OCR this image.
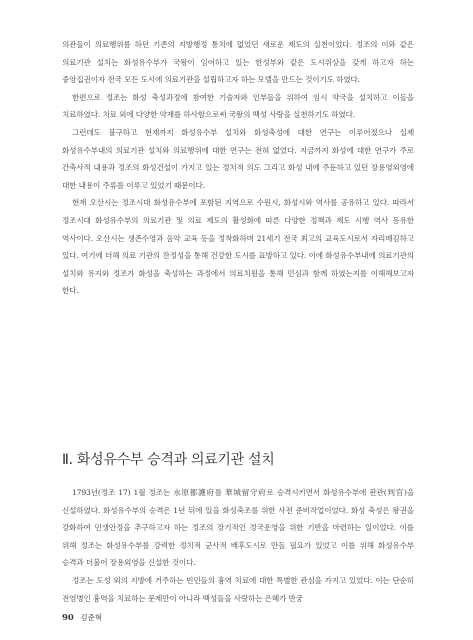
의관들이 의료행위를 하던 기존의 지방행정 통치에 없었던 새로운 제도의 실천이었다. 정조의 이와 같은 의료기관 설치는 화성유수부가 국왕이 임어하고 있는 한성부와 같은 도시위상을 갖게 하고자 하는 중앙집권이자 전국 모든 도시에 의료기관을 설립하고자 하는 모델을 만드는 것이기도 하였다.

한편으로 정조는 화성 축성과정에 참여한 기술자와 인부들을 위하여 임시 약국을 설치하고 이들을 치료하였다. 치료 외에 다양한 약재를 하사함으로써 국왕의 백성 사랑을 실천하기도 하였다.

그런데도 불구하고 현재까지 화성유수부 설치와 화성축성에 대한 연구는 이루어졌으나 실제 화성유수부내의 의료기관 설치와 의료행위에 대한 연구는 전혀 없었다. 지금까지 화성에 대한 연구가 주로 간축사적 내용과 정조의 화성건설이 가지고 있는 정치적 의도 그리고 화성 내에 주둔하고 있던 장용영외영에 대한 내용이 주류를 이루고 있었기 때문이다.

현재 오산시는 정조시대 화성유수부에 포함된 지역으로 수원시, 화성시와 역사를 공유하고 있다. 따라서 정조시대 화성유수부의 의료기관 및 의료 제도의 활성화에 따른 다양한 정책과 제도 시행 역사 등유한 역사이다. 오산시는 생존수영과 음악 교육 등을 정착화하며 21세기 전국 최고의 교육도시로서 자리매김하고 있다. 여기에 더해 의료 기관의 잔정성을 통해 건강한 도시를 표방하고 있다. 이에 화성유수부내에 의료기관의 설치와 유지와 정조가 화성을 축성하는 과정에서 의료치원을 통해 민심과 함께 하였는지를 이해해보고자 한다.

Ⅱ. 화성유수부 승격과 의료기관 설치

1793년(정조 17) 1월 정조는 水原都護府를 華城留守府로 승격시키면서 화성유수부에 판관(判官)을 신설하였다. 화성유수부의 승격은 1년 뒤에 있을 화성축조를 위한 사전 준비작업이었다. 화성 축성은 왕권을 강화하여 민생안정을 추구하고자 하는 정조의 장기적인 정국운영을 위한 기반을 마련하는 일이었다. 이를 위해 정조는 화성유수부를 강력한 정치적 군사적 배후도시로 만들 필요가 있었고 이를 위해 화성유수부 승격과 더불어 장용외영을 신설한 것이다.

정조는 도성 외의 지방에 거주하는 빈민들의 흉역 치료에 대한 특별한 관심을 가지고 있었다. 이는 단순히 전염병인 흉역을 치료하는 문제만이 아니라 백성들을 사랑하는 은혜가 반궁

90 김준혁
